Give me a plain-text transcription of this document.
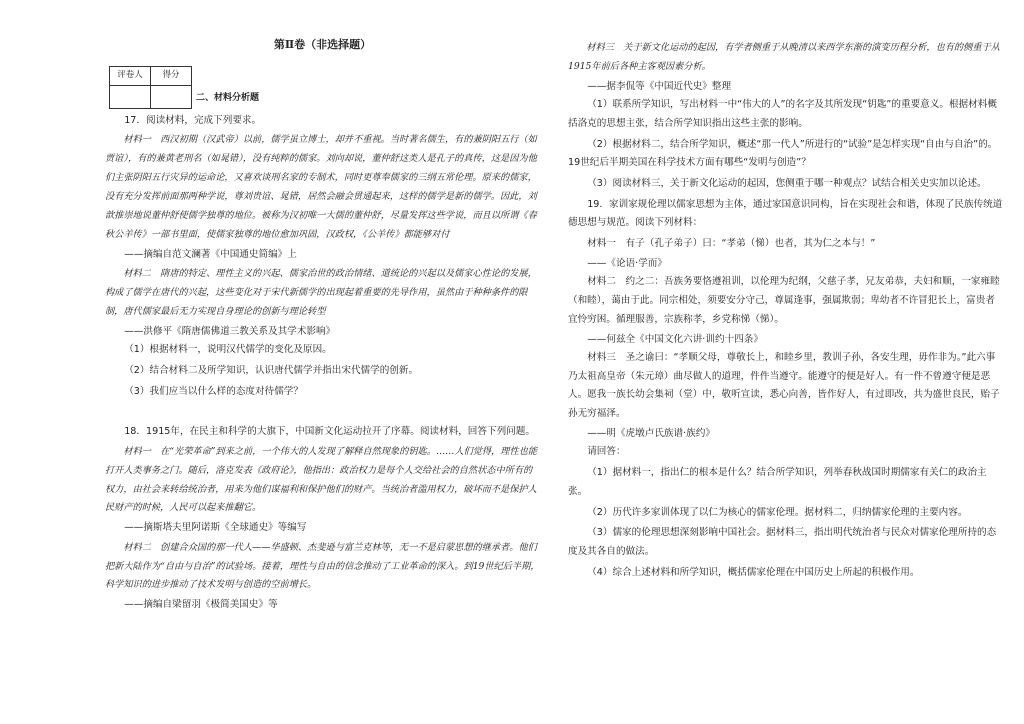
第Ⅱ卷（非选择题）
评卷人	得分

二、材料分析题

17．阅读材料，完成下列要求。

材料一　西汉初期（汉武帝）以前，儒学虽立博士，却并不重视。当时著名儒生，有的兼阴阳五行（如贾谊），有的兼黄老刑名（如晁错），没有纯粹的儒家。刘向却说，董仲舒这类人是孔子的真传，这是因为他们主张阴阳五行灾异的运命论，又喜欢谈刑名家的专制术，同时更尊奉儒家的三纲五常伦理。原来的儒家，没有充分发挥前面那两种学说，尊刘贵谊、晁错，居然会融会贯通起来，这样的儒学是新的儒学。因此，刘歆推崇地说董仲舒使儒学独尊的地位。被称为汉初唯一大儒的董仲舒，尽量发挥这些学说，而且以所谓《春秋公羊传》一部书里面，使儒家独尊的地位愈加巩固，汉政权，《公羊传》都能够对付

——摘编自范文澜著《中国通史简编》上

材料二　隋唐的特定、理性主义的兴起、儒家治世的政治情绪、道统论的兴起以及儒家心性论的发展，构成了儒学在唐代的兴起，这些变化对于宋代新儒学的出现起着重要的先导作用，虽然由于种种条件的限制，唐代儒家最后无力实现自身理论的创新与理论转型

——洪修平《隋唐儒佛道三教关系及其学术影响》

（1）根据材料一，说明汉代儒学的变化及原因。

（2）结合材料二及所学知识，认识唐代儒学并指出宋代儒学的创新。

（3）我们应当以什么样的态度对待儒学？

18．1915年，在民主和科学的大旗下，中国新文化运动拉开了序幕。阅读材料，回答下列问题。

材料一　在“光荣革命”到来之前，一个伟大的人发现了解释自然现象的钥匙。……人们觉得，理性也能打开人类事务之门。随后，洛克发表《政府论》，他指出：政治权力是每个人交给社会的自然状态中所有的权力，由社会来转给统治者，用来为他们谋福利和保护他们的财产。当统治者滥用权力，破坏而不是保护人民财产的时候，人民可以起来推翻它。

——摘斯塔夫里阿诺斯《全球通史》等编写

材料二　创建合众国的那一代人——华盛顿、杰斐逊与富兰克林等，无一不是启蒙思想的继承者。他们把新大陆作为“自由与自治”的试验场。接着，理性与自由的信念推动了工业革命的深入。到19世纪后半期，科学知识的进步推动了技术发明与创造的空前增长。

——摘编自梁留羽《极简美国史》等

材料三　关于新文化运动的起因，有学者侧重于从晚清以来西学东渐的演变历程分析，也有的侧重于从1915年前后各种主客观因素分析。

——据李侃等《中国近代史》整理

（1）联系所学知识，写出材料一中“伟大的人”的名字及其所发现“钥匙”的重要意义。根据材料概括洛克的思想主张，结合所学知识指出这些主张的影响。

（2）根据材料二，结合所学知识，概述“那一代人”所进行的“试验”是怎样实现“自由与自治”的。19世纪后半期美国在科学技术方面有哪些“发明与创造”？

（3）阅读材料三，关于新文化运动的起因，您侧重于哪一种观点？试结合相关史实加以论述。

19．家训家规伦理以儒家思想为主体，通过家国意识同构，旨在实现社会和谐，体现了民族传统道德思想与规范。阅读下列材料：

材料一　有子（孔子弟子）曰：“孝弟（悌）也者，其为仁之本与！”

——《论语·学而》

材料二　约之二：吾族务要恪遵祖训，以伦理为纪纲，父慈子孝，兄友弟恭，夫妇和顺，一家雍睦（和睦），蔼由于此。同宗相处，须要安分守己，尊属逢事，强属欺弱；卑幼者不许冒犯长上，富贵者宜怜穷困。循理服善，宗族称孝，乡党称悌（悌）。

——何兹全《中国文化六讲·训约十四条》

材料三　圣之谕曰：“孝顺父母，尊敬长上，和睦乡里，教训子孙，各安生理，毋作非为。”此六事乃太祖高皇帝（朱元璋）曲尽做人的道理，件件当遵守。能遵守的便是好人。有一件不曾遵守便是恶人。愿我一族长幼会集祠（堂）中，敬听宣读，悉心向善，皆作好人，有过即改，共为盛世良民，贻子孙无穷福泽。

——明《虎墩卢氏族谱·族约》

请回答：

（1）据材料一，指出仁的根本是什么？结合所学知识，列举春秋战国时期儒家有关仁的政治主张。

（2）历代许多家训体现了以仁为核心的儒家伦理。据材料二，归纳儒家伦理的主要内容。

（3）儒家的伦理思想深刻影响中国社会。据材料三，指出明代统治者与民众对儒家伦理所持的态度及其各自的做法。

（4）综合上述材料和所学知识，概括儒家伦理在中国历史上所起的积极作用。
